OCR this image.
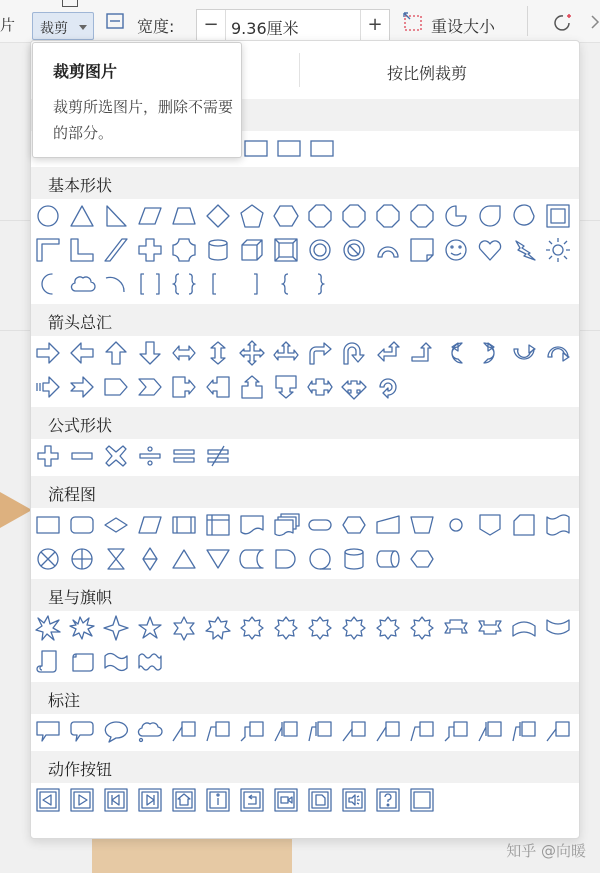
知乎 @向暖
片 裁剪	宽度:	− 9.36厘米	+	重设大小
按比例裁剪
基本形状
箭头总汇
公式形状
流程图
星与旗帜
标注
动作按钮
裁剪图片
裁剪所选图片，删除不需要的部分。
